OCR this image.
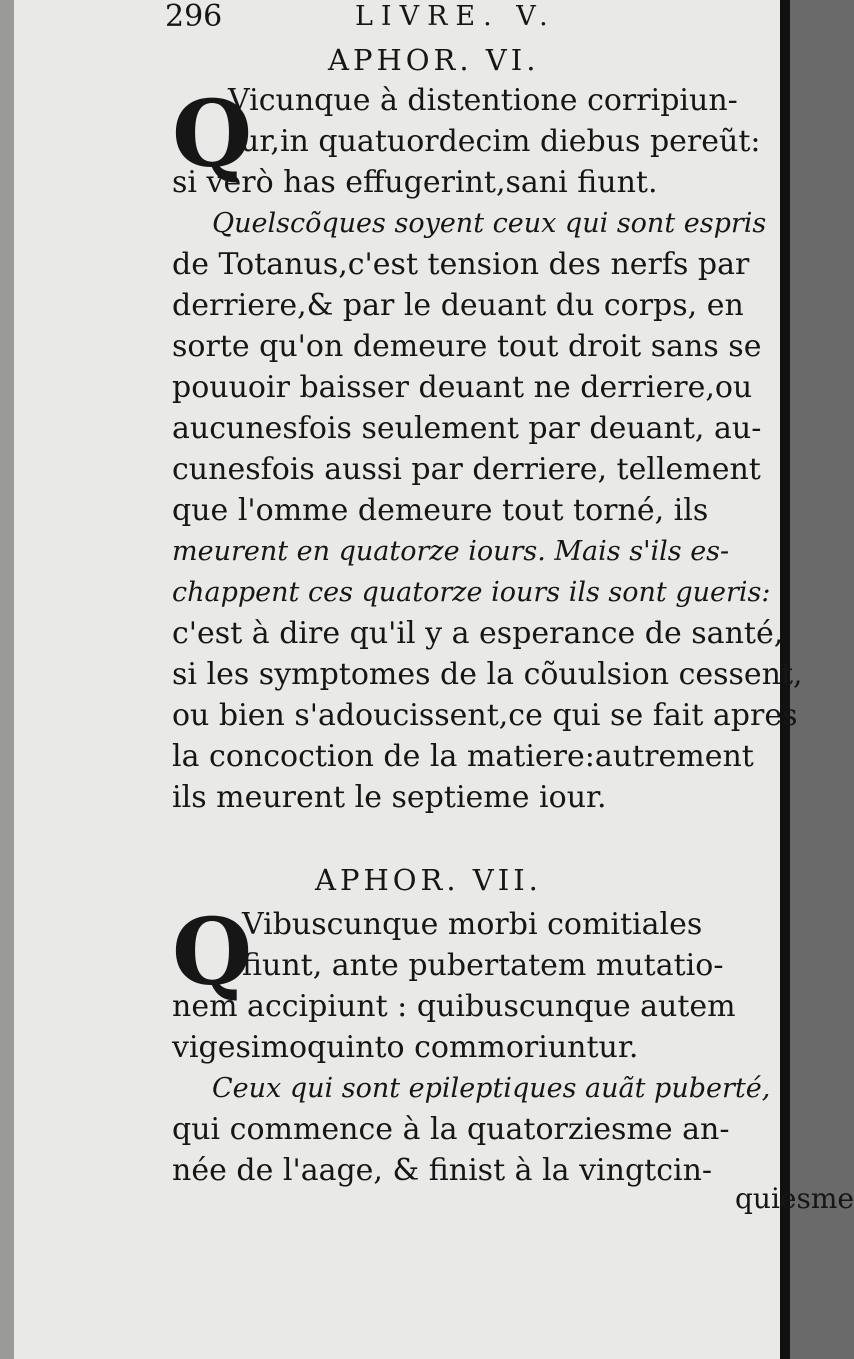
296	LIVRE. V.
APHOR. VI.
Q
Vicunque à distentione corripiun-
tur,in quatuordecim diebus pereũt:
si verò has effugerint,sani fiunt.
Quelscõques soyent ceux qui sont espris
de Totanus,c'est tension des nerfs par
derriere,& par le deuant du corps, en
sorte qu'on demeure tout droit sans se
pouuoir baisser deuant ne derriere,ou
aucunesfois seulement par deuant, au-
cunesfois aussi par derriere, tellement
que l'omme demeure tout torné, ils
meurent en quatorze iours. Mais s'ils es-
chappent ces quatorze iours ils sont gueris:
c'est à dire qu'il y a esperance de santé,
si les symptomes de la cõuulsion cessent,
ou bien s'adoucissent,ce qui se fait apres
la concoction de la matiere:autrement
ils meurent le septieme iour.
APHOR. VII.
Q
Vibuscunque morbi comitiales
fiunt, ante pubertatem mutatio-
nem accipiunt : quibuscunque autem
vigesimoquinto commoriuntur.
Ceux qui sont epileptiques auãt puberté,
qui commence à la quatorziesme an-
née de l'aage, & finist à la vingtcin-
quiesme
